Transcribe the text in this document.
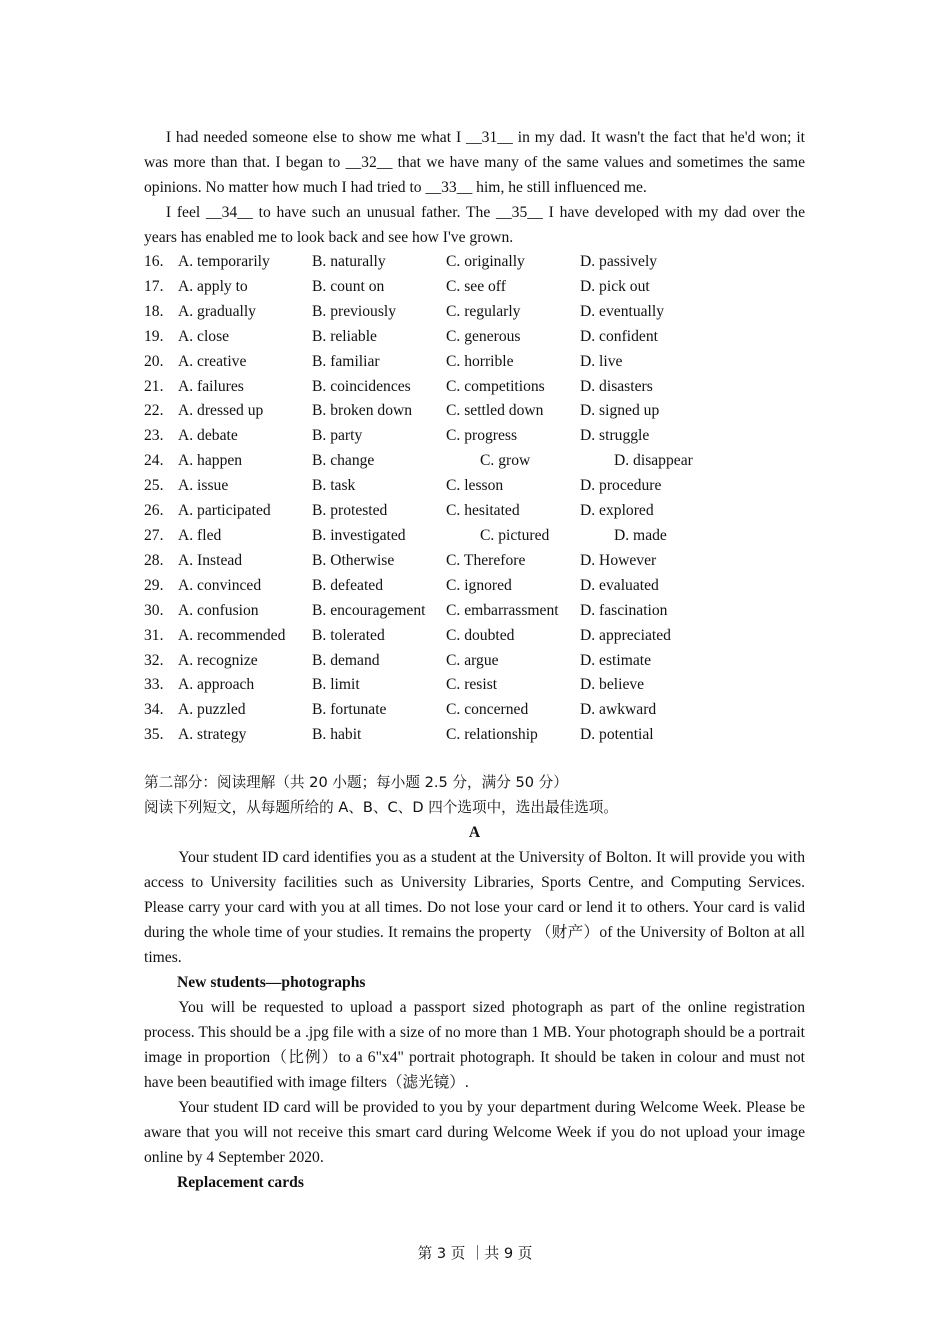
I had needed someone else to show me what I __31__ in my dad. It wasn't the fact that he'd won; it was more than that. I began to __32__ that we have many of the same values and sometimes the same opinions. No matter how much I had tried to __33__ him, he still influenced me.

I feel __34__ to have such an unusual father. The __35__ I have developed with my dad over the years has enabled me to look back and see how I've grown.

16. A. temporarily	B. naturally	C. originally	D. passively
17. A. apply to	B. count on	C. see off	D. pick out
18. A. gradually	B. previously	C. regularly	D. eventually
19. A. close	B. reliable	C. generous	D. confident
20. A. creative	B. familiar	C. horrible	D. live
21. A. failures	B. coincidences	C. competitions	D. disasters
22. A. dressed up	B. broken down	C. settled down	D. signed up
23. A. debate	B. party	C. progress	D. struggle
24. A. happen	B. change	C. grow	D. disappear
25. A. issue	B. task	C. lesson	D. procedure
26. A. participated	B. protested	C. hesitated	D. explored
27. A. fled	B. investigated	C. pictured	D. made
28. A. Instead	B. Otherwise	C. Therefore	D. However
29. A. convinced	B. defeated	C. ignored	D. evaluated
30. A. confusion	B. encouragement	C. embarrassment	D. fascination
31. A. recommended	B. tolerated	C. doubted	D. appreciated
32. A. recognize	B. demand	C. argue	D. estimate
33. A. approach	B. limit	C. resist	D. believe
34. A. puzzled	B. fortunate	C. concerned	D. awkward
35. A. strategy	B. habit	C. relationship	D. potential

第二部分：阅读理解（共 20 小题；每小题 2.5 分，满分 50 分）

阅读下列短文，从每题所给的 A、B、C、D 四个选项中，选出最佳选项。

A

Your student ID card identifies you as a student at the University of Bolton. It will provide you with access to University facilities such as University Libraries, Sports Centre, and Computing Services. Please carry your card with you at all times. Do not lose your card or lend it to others. Your card is valid during the whole time of your studies. It remains the property （财产）of the University of Bolton at all times.

New students—photographs

You will be requested to upload a passport sized photograph as part of the online registration process. This should be a .jpg file with a size of no more than 1 MB. Your photograph should be a portrait image in proportion（比例）to a 6"x4" portrait photograph. It should be taken in colour and must not have been beautified with image filters（滤光镜）.

Your student ID card will be provided to you by your department during Welcome Week. Please be aware that you will not receive this smart card during Welcome Week if you do not upload your image online by 4 September 2020.

Replacement cards

第 3 页 ｜共 9 页
